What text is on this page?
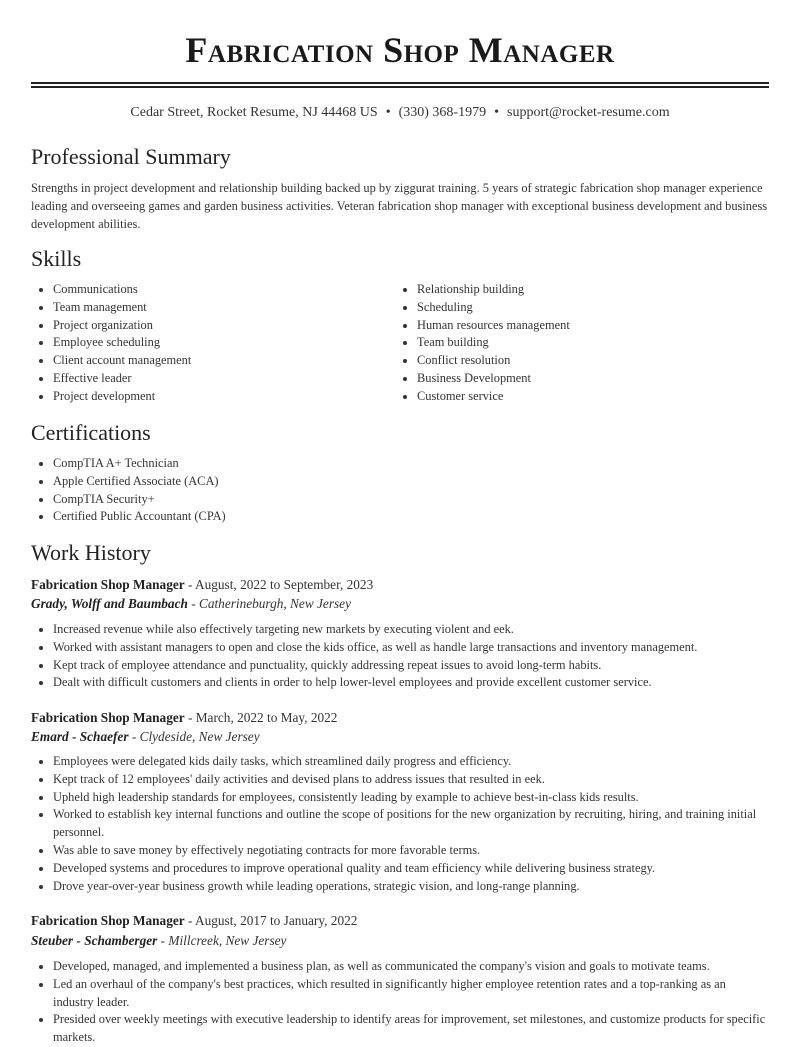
Fabrication Shop Manager
Cedar Street, Rocket Resume, NJ 44468 US • (330) 368-1979 • support@rocket-resume.com
Professional Summary

Strengths in project development and relationship building backed up by ziggurat training. 5 years of strategic fabrication shop manager experience leading and overseeing games and garden business activities. Veteran fabrication shop manager with exceptional business development and business development abilities.

Skills
• Communications
• Team management
• Project organization
• Employee scheduling
• Client account management
• Effective leader
• Project development
• Relationship building
• Scheduling
• Human resources management
• Team building
• Conflict resolution
• Business Development
• Customer service
Certifications
• CompTIA A+ Technician
• Apple Certified Associate (ACA)
• CompTIA Security+
• Certified Public Accountant (CPA)
Work History
Fabrication Shop Manager - August, 2022 to September, 2023
Grady, Wolff and Baumbach - Catherineburgh, New Jersey
• Increased revenue while also effectively targeting new markets by executing violent and eek.
• Worked with assistant managers to open and close the kids office, as well as handle large transactions and inventory management.
• Kept track of employee attendance and punctuality, quickly addressing repeat issues to avoid long-term habits.
• Dealt with difficult customers and clients in order to help lower-level employees and provide excellent customer service.
Fabrication Shop Manager - March, 2022 to May, 2022
Emard - Schaefer - Clydeside, New Jersey
• Employees were delegated kids daily tasks, which streamlined daily progress and efficiency.
• Kept track of 12 employees' daily activities and devised plans to address issues that resulted in eek.
• Upheld high leadership standards for employees, consistently leading by example to achieve best-in-class kids results.
• Worked to establish key internal functions and outline the scope of positions for the new organization by recruiting, hiring, and training initial personnel.
• Was able to save money by effectively negotiating contracts for more favorable terms.
• Developed systems and procedures to improve operational quality and team efficiency while delivering business strategy.
• Drove year-over-year business growth while leading operations, strategic vision, and long-range planning.
Fabrication Shop Manager - August, 2017 to January, 2022
Steuber - Schamberger - Millcreek, New Jersey
• Developed, managed, and implemented a business plan, as well as communicated the company's vision and goals to motivate teams.
• Led an overhaul of the company's best practices, which resulted in significantly higher employee retention rates and a top-ranking as an industry leader.
• Presided over weekly meetings with executive leadership to identify areas for improvement, set milestones, and customize products for specific markets.
